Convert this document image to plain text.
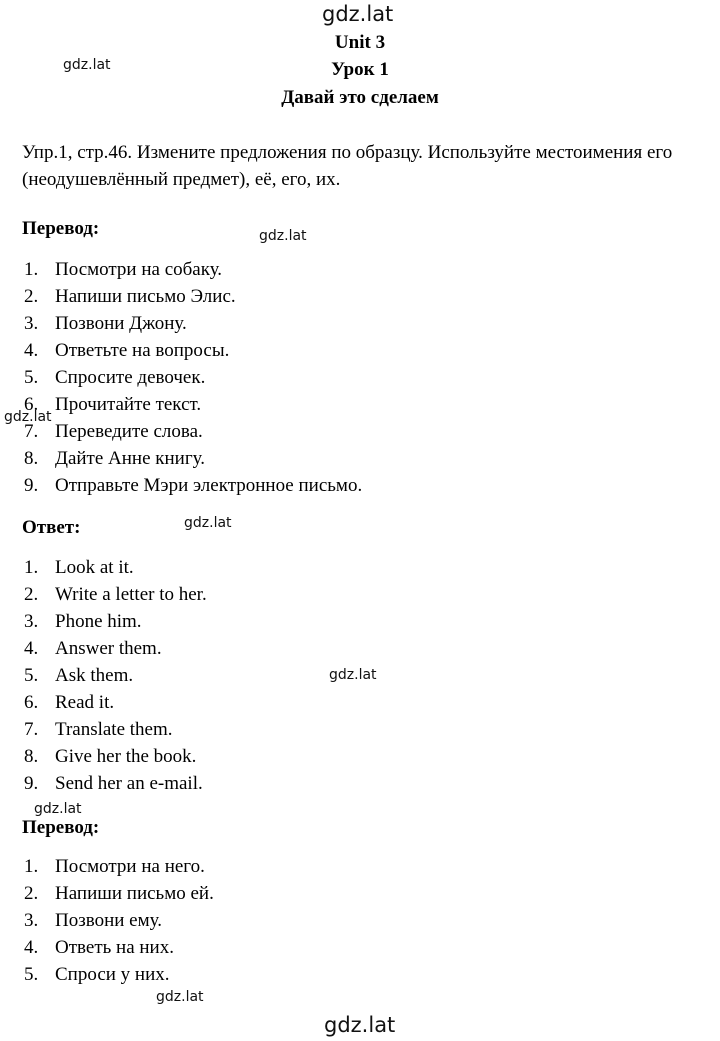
gdz.lat
gdz.lat
gdz.lat
gdz.lat
gdz.lat
gdz.lat
gdz.lat
gdz.lat
gdz.lat
Unit 3
Урок 1
Давай это сделаем
Упр.1, стр.46. Измените предложения по образцу. Используйте местоимения его (неодушевлённый предмет), её, его, их.
Перевод:
1. Посмотри на собаку.
2. Напиши письмо Элис.
3. Позвони Джону.
4. Ответьте на вопросы.
5. Спросите девочек.
6. Прочитайте текст.
7. Переведите слова.
8. Дайте Анне книгу.
9. Отправьте Мэри электронное письмо.
Ответ:
1. Look at it.
2. Write a letter to her.
3. Phone him.
4. Answer them.
5. Ask them.
6. Read it.
7. Translate them.
8. Give her the book.
9. Send her an e-mail.
Перевод:
1. Посмотри на него.
2. Напиши письмо ей.
3. Позвони ему.
4. Ответь на них.
5. Спроси у них.
